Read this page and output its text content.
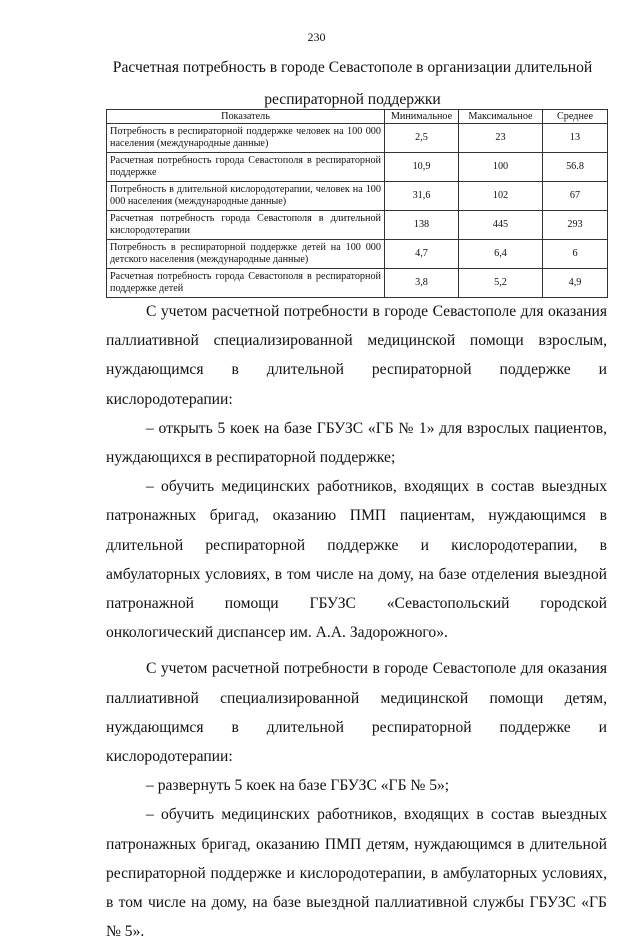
230
Расчетная потребность в городе Севастополе в организации длительной респираторной поддержки
Показатель	Минимальное	Максимальное	Среднее
Потребность в респираторной поддержке человек на 100 000 населения (международные данные)	2,5	23	13
Расчетная потребность города Севастополя в респираторной поддержке	10,9	100	56.8
Потребность в длительной кислородотерапии, человек на 100 000 населения (международные данные)	31,6	102	67
Расчетная потребность города Севастополя в длительной кислородотерапии	138	445	293
Потребность в респираторной поддержке детей на 100 000 детского населения (международные данные)	4,7	6,4	6
Расчетная потребность города Севастополя в респираторной поддержке детей	3,8	5,2	4,9

С учетом расчетной потребности в городе Севастополе для оказания паллиативной специализированной медицинской помощи взрослым, нуждающимся в длительной респираторной поддержке и кислородотерапии:

– открыть 5 коек на базе ГБУЗС «ГБ № 1» для взрослых пациентов, нуждающихся в респираторной поддержке;

– обучить медицинских работников, входящих в состав выездных патронажных бригад, оказанию ПМП пациентам, нуждающимся в длительной респираторной поддержке и кислородотерапии, в амбулаторных условиях, в том числе на дому, на базе отделения выездной патронажной помощи ГБУЗС «Севастопольский городской онкологический диспансер им. А.А. Задорожного».

С учетом расчетной потребности в городе Севастополе для оказания паллиативной специализированной медицинской помощи детям, нуждающимся в длительной респираторной поддержке и кислородотерапии:

– развернуть 5 коек на базе ГБУЗС «ГБ № 5»;

– обучить медицинских работников, входящих в состав выездных патронажных бригад, оказанию ПМП детям, нуждающимся в длительной респираторной поддержке и кислородотерапии, в амбулаторных условиях, в том числе на дому, на базе выездной паллиативной службы ГБУЗС «ГБ № 5».
